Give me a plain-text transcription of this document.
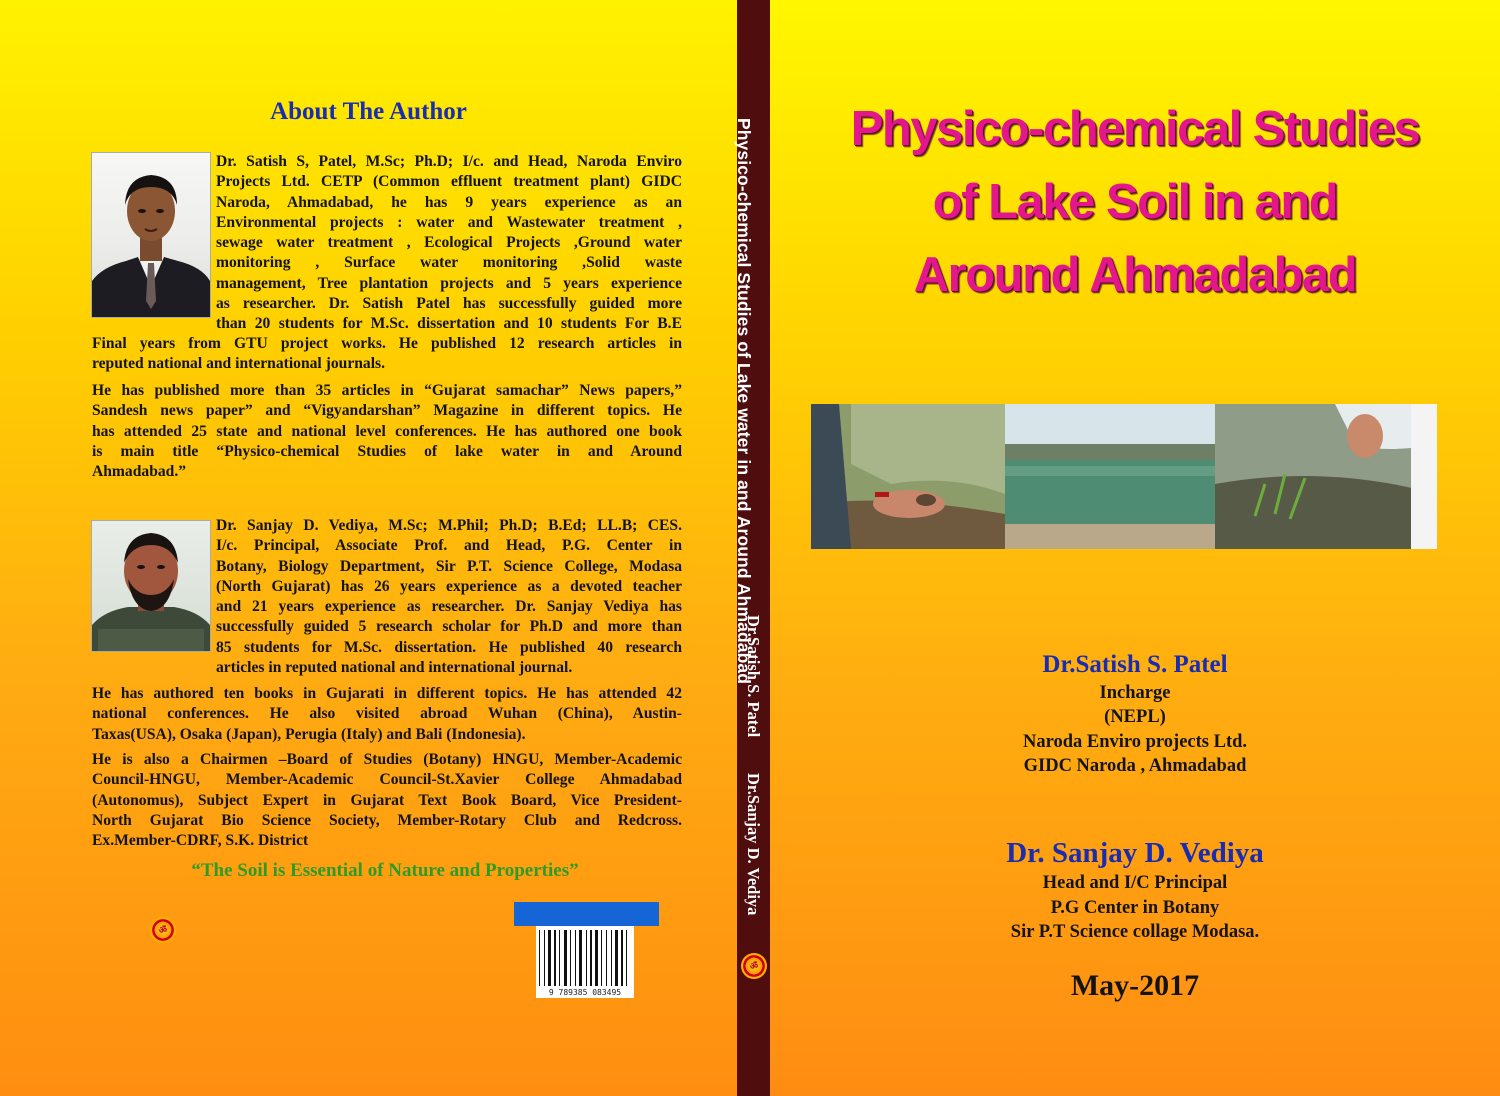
About The Author
Dr. Satish S, Patel, M.Sc; Ph.D; I/c. and Head, Naroda Enviro
Projects Ltd. CETP (Common effluent treatment plant) GIDC
Naroda, Ahmadabad, he has 9 years experience as an
Environmental projects : water and Wastewater treatment ,
sewage water treatment , Ecological Projects ,Ground water
monitoring , Surface water monitoring ,Solid waste
management, Tree plantation projects and 5 years experience
as researcher. Dr. Satish Patel has successfully guided more
than 20 students for M.Sc. dissertation and 10 students For B.E
Final years from GTU project works. He published 12 research articles in
reputed national and international journals.
He has published more than 35 articles in “Gujarat samachar” News papers,”
Sandesh news paper” and “Vigyandarshan” Magazine in different topics. He
has attended 25 state and national level conferences. He has authored one book
is main title “Physico-chemical Studies of lake water in and Around
Ahmadabad.”
Dr. Sanjay D. Vediya, M.Sc; M.Phil; Ph.D; B.Ed; LL.B; CES.
I/c. Principal, Associate Prof. and Head, P.G. Center in
Botany, Biology Department, Sir P.T. Science College, Modasa
(North Gujarat) has 26 years experience as a devoted teacher
and 21 years experience as researcher. Dr. Sanjay Vediya has
successfully guided 5 research scholar for Ph.D and more than
85 students for M.Sc. dissertation. He published 40 research
articles in reputed national and international journal.
He has authored ten books in Gujarati in different topics. He has attended 42
national conferences. He also visited abroad Wuhan (China), Austin-
Taxas(USA), Osaka (Japan), Perugia (Italy) and Bali (Indonesia).
He is also a Chairmen –Board of Studies (Botany) HNGU, Member-Academic
Council-HNGU, Member-Academic Council-St.Xavier College Ahmadabad
(Autonomus), Subject Expert in Gujarat Text Book Board, Vice President-
North Gujarat Bio Science Society, Member-Rotary Club and Redcross.
Ex.Member-CDRF, S.K. District
“The Soil is Essential of Nature and Properties”
ॐ
9 789385 083495
Physico-chemical Studies of Lake water in and Around Ahmadabad
Dr.Satish S. Patel
Dr.Sanjay D. Vediya
ॐ
Physico-chemical Studies
of Lake Soil in and
Around Ahmadabad
Dr.Satish S. Patel
Incharge
(NEPL)
Naroda Enviro projects Ltd.
GIDC Naroda , Ahmadabad
Dr. Sanjay D. Vediya
Head and I/C Principal
P.G Center in Botany
Sir P.T Science collage Modasa.
May-2017
